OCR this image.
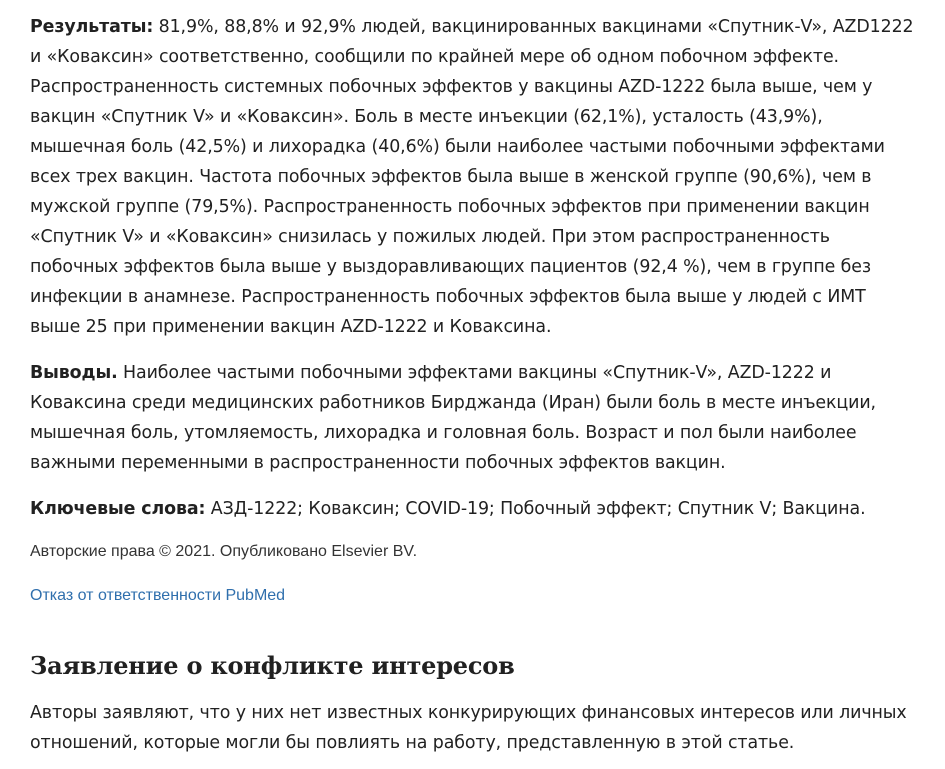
Результаты: 81,9%, 88,8% и 92,9% людей, вакцинированных вакцинами «Спутник-V», AZD1222 и «Ковaксин» соответственно, сообщили по крайней мере об одном побочном эффекте. Распространенность системных побочных эффектов у вакцины AZD-1222 была выше, чем у вакцин «Спутник V» и «Ковaксин». Боль в месте инъекции (62,1%), усталость (43,9%), мышечная боль (42,5%) и лихорадка (40,6%) были наиболее частыми побочными эффектами всех трех вакцин. Частота побочных эффектов была выше в женской группе (90,6%), чем в мужской группе (79,5%). Распространенность побочных эффектов при применении вакцин «Спутник V» и «Ковaксин» снизилась у пожилых людей. При этом распространенность побочных эффектов была выше у выздоравливающих пациентов (92,4 %), чем в группе без инфекции в анамнезе. Распространенность побочных эффектов была выше у людей с ИМТ выше 25 при применении вакцин AZD-1222 и Ковaксина.

Выводы. Наиболее частыми побочными эффектами вакцины «Спутник-V», AZD-1222 и Ковaксина среди медицинских работников Бирджанда (Иран) были боль в месте инъекции, мышечная боль, утомляемость, лихорадка и головная боль. Возраст и пол были наиболее важными переменными в распространенности побочных эффектов вакцин.

Ключевые слова: АЗД-1222; Ковaксин; COVID-19; Побочный эффект; Спутник V; Вакцина.

Авторские права © 2021. Опубликовано Elsevier BV.

Отказ от ответственности PubMed
Заявление о конфликте интересов

Авторы заявляют, что у них нет известных конкурирующих финансовых интересов или личных отношений, которые могли бы повлиять на работу, представленную в этой статье.
